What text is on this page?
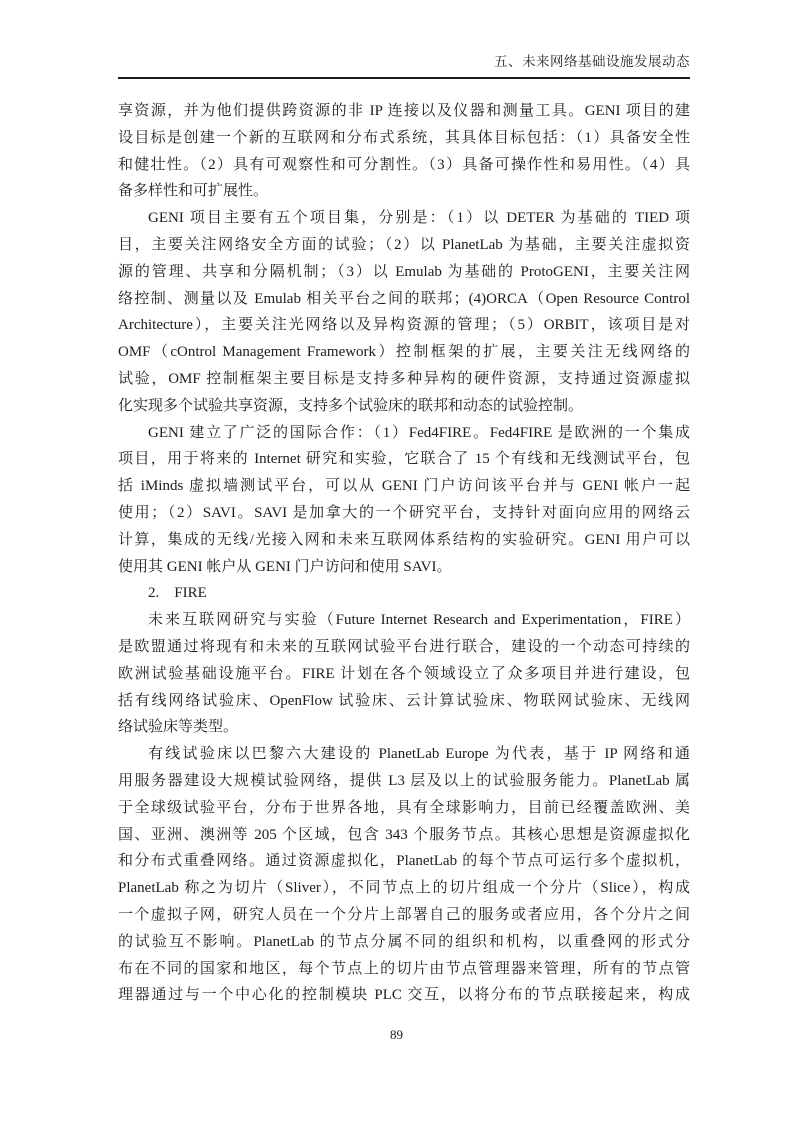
五、未来网络基础设施发展动态
享资源，并为他们提供跨资源的非 IP 连接以及仪器和测量工具。GENI 项目的建
设目标是创建一个新的互联网和分布式系统，其具体目标包括：（1）具备安全性
和健壮性。（2）具有可观察性和可分割性。（3）具备可操作性和易用性。（4）具
备多样性和可扩展性。
GENI 项目主要有五个项目集，分别是：（1）以 DETER 为基础的 TIED 项
目，主要关注网络安全方面的试验；（2）以 PlanetLab 为基础，主要关注虚拟资
源的管理、共享和分隔机制；（3）以 Emulab 为基础的 ProtoGENI，主要关注网
络控制、测量以及 Emulab 相关平台之间的联邦；(4)ORCA（Open Resource Control
Architecture），主要关注光网络以及异构资源的管理；（5）ORBIT，该项目是对
OMF（cOntrol Management Framework）控制框架的扩展，主要关注无线网络的
试验，OMF 控制框架主要目标是支持多种异构的硬件资源，支持通过资源虚拟
化实现多个试验共享资源，支持多个试验床的联邦和动态的试验控制。
GENI 建立了广泛的国际合作：（1）Fed4FIRE。Fed4FIRE 是欧洲的一个集成
项目，用于将来的 Internet 研究和实验，它联合了 15 个有线和无线测试平台，包
括 iMinds 虚拟墙测试平台，可以从 GENI 门户访问该平台并与 GENI 帐户一起
使用；（2）SAVI。SAVI 是加拿大的一个研究平台，支持针对面向应用的网络云
计算，集成的无线/光接入网和未来互联网体系结构的实验研究。GENI 用户可以
使用其 GENI 帐户从 GENI 门户访问和使用 SAVI。
2.　FIRE
未来互联网研究与实验（Future Internet Research and Experimentation，FIRE）
是欧盟通过将现有和未来的互联网试验平台进行联合，建设的一个动态可持续的
欧洲试验基础设施平台。FIRE 计划在各个领域设立了众多项目并进行建设，包
括有线网络试验床、OpenFlow 试验床、云计算试验床、物联网试验床、无线网
络试验床等类型。
有线试验床以巴黎六大建设的 PlanetLab Europe 为代表，基于 IP 网络和通
用服务器建设大规模试验网络，提供 L3 层及以上的试验服务能力。PlanetLab 属
于全球级试验平台，分布于世界各地，具有全球影响力，目前已经覆盖欧洲、美
国、亚洲、澳洲等 205 个区域，包含 343 个服务节点。其核心思想是资源虚拟化
和分布式重叠网络。通过资源虚拟化，PlanetLab 的每个节点可运行多个虚拟机，
PlanetLab 称之为切片（Sliver），不同节点上的切片组成一个分片（Slice），构成
一个虚拟子网，研究人员在一个分片上部署自己的服务或者应用，各个分片之间
的试验互不影响。PlanetLab 的节点分属不同的组织和机构，以重叠网的形式分
布在不同的国家和地区，每个节点上的切片由节点管理器来管理，所有的节点管
理器通过与一个中心化的控制模块 PLC 交互，以将分布的节点联接起来，构成
89
